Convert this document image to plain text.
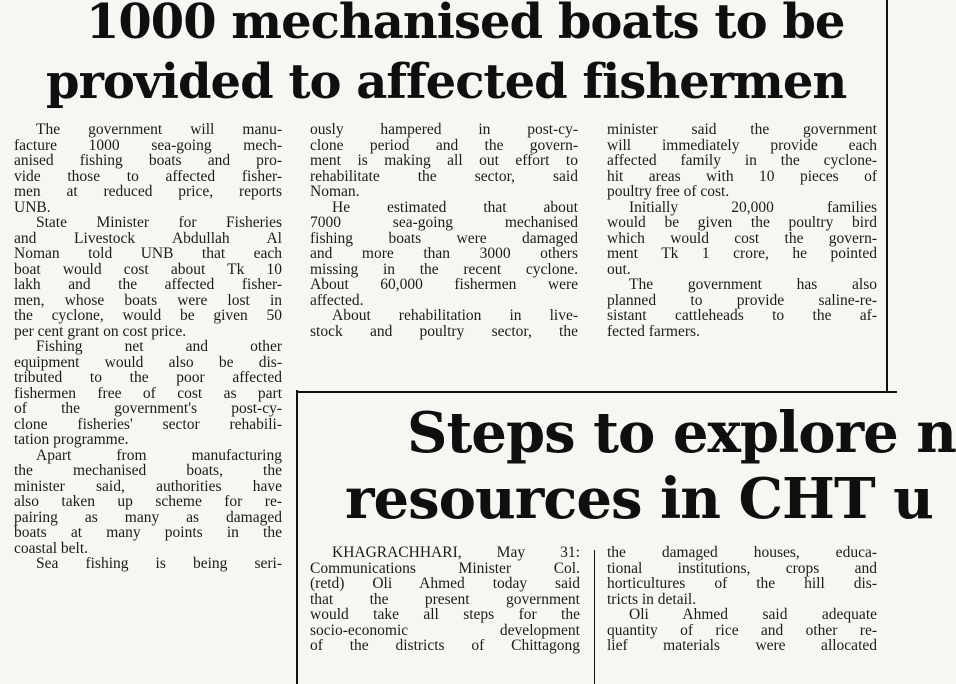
1000 mechanised boats to be
provided to affected fishermen
The government will manu-
facture 1000 sea-going mech-
anised fishing boats and pro-
vide those to affected fisher-
men at reduced price, reports
UNB.
State Minister for Fisheries
and Livestock Abdullah Al
Noman told UNB that each
boat would cost about Tk 10
lakh and the affected fisher-
men, whose boats were lost in
the cyclone, would be given 50
per cent grant on cost price.
Fishing net and other
equipment would also be dis-
tributed to the poor affected
fishermen free of cost as part
of the government's post-cy-
clone fisheries' sector rehabili-
tation programme.
Apart from manufacturing
the mechanised boats, the
minister said, authorities have
also taken up scheme for re-
pairing as many as damaged
boats at many points in the
coastal belt.
Sea fishing is being seri-
ously hampered in post-cy-
clone period and the govern-
ment is making all out effort to
rehabilitate the sector, said
Noman.
He estimated that about
7000 sea-going mechanised
fishing boats were damaged
and more than 3000 others
missing in the recent cyclone.
About 60,000 fishermen were
affected.
About rehabilitation in live-
stock and poultry sector, the
minister said the government
will immediately provide each
affected family in the cyclone-
hit areas with 10 pieces of
poultry free of cost.
Initially 20,000 families
would be given the poultry bird
which would cost the govern-
ment Tk 1 crore, he pointed
out.
The government has also
planned to provide saline-re-
sistant cattleheads to the af-
fected farmers.
Steps to explore n
resources in CHT u
KHAGRACHHARI, May 31:
Communications Minister Col.
(retd) Oli Ahmed today said
that the present government
would take all steps for the
socio-economic development
of the districts of Chittagong
the damaged houses, educa-
tional institutions, crops and
horticultures of the hill dis-
tricts in detail.
Oli Ahmed said adequate
quantity of rice and other re-
lief materials were allocated
